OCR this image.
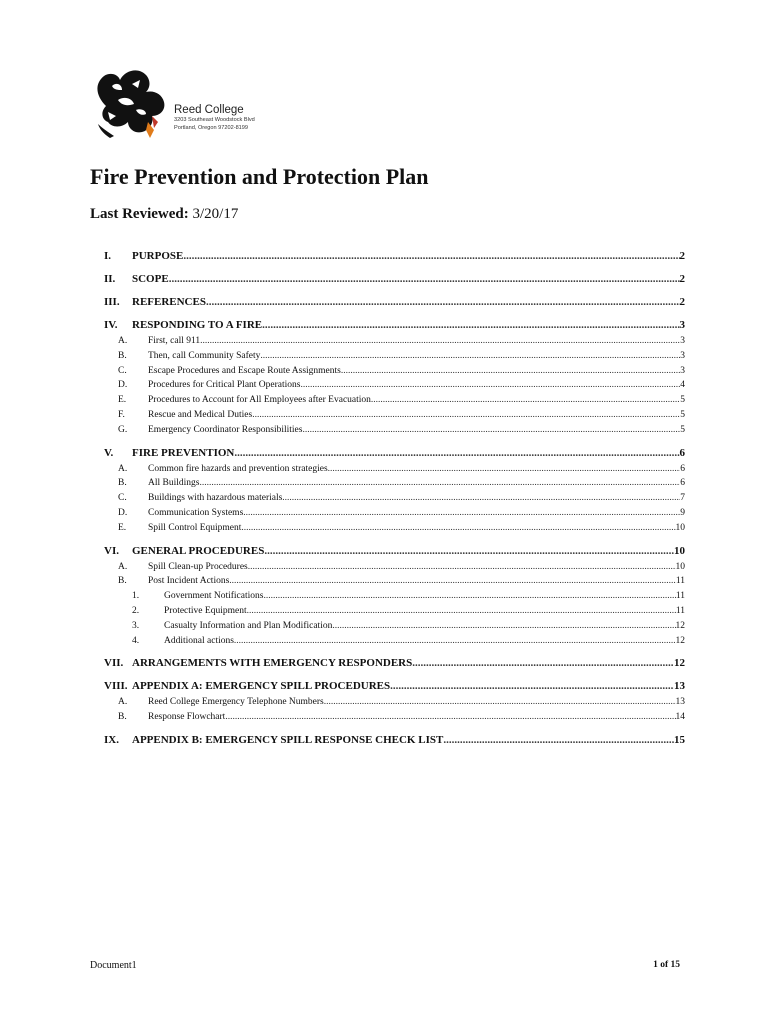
Reed College
3203 Southeast Woodstock Blvd
Portland, Oregon 97202-8199
Fire Prevention and Protection Plan
Last Reviewed: 3/20/17
I.	PURPOSE .....	2
II.	SCOPE .....	2
III.	REFERENCES .....	2
IV.	RESPONDING TO A FIRE .....	3
A.	First, call 911 .....	3
B.	Then, call Community Safety .....	3
C.	Escape Procedures and Escape Route Assignments .....	3
D.	Procedures for Critical Plant Operations .....	4
E.	Procedures to Account for All Employees after Evacuation .....	5
F.	Rescue and Medical Duties .....	5
G.	Emergency Coordinator Responsibilities .....	5
V.	FIRE PREVENTION .....	6
A.	Common fire hazards and prevention strategies .....	6
B.	All Buildings .....	6
C.	Buildings with hazardous materials .....	7
D.	Communication Systems .....	9
E.	Spill Control Equipment .....	10
VI.	GENERAL PROCEDURES .....	10
A.	Spill Clean-up Procedures .....	10
B.	Post Incident Actions .....	11
1.	Government Notifications .....	11
2.	Protective Equipment .....	11
3.	Casualty Information and Plan Modification .....	12
4.	Additional actions .....	12
VII. ARRANGEMENTS WITH EMERGENCY RESPONDERS .....	12
VIII. APPENDIX A: EMERGENCY SPILL PROCEDURES .....	13
A.	Reed College Emergency Telephone Numbers .....	13
B.	Response Flowchart .....	14
IX.	APPENDIX B: EMERGENCY SPILL RESPONSE CHECK LIST .....	15
Document1	1 of 15
